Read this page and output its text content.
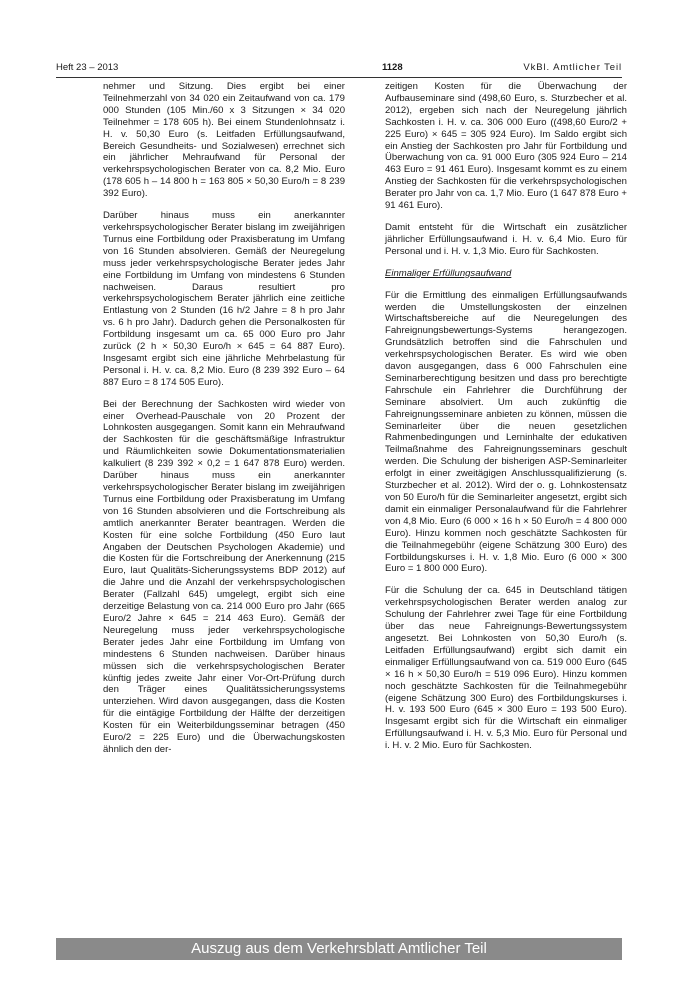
Heft 23 – 2013	1128	VkBl. Amtlicher Teil

nehmer und Sitzung. Dies ergibt bei einer Teilnehmerzahl von 34 020 ein Zeitaufwand von ca. 179 000 Stunden (105 Min./60 x 3 Sitzungen × 34 020 Teilnehmer = 178 605 h). Bei einem Stundenlohnsatz i. H. v. 50,30 Euro (s. Leitfaden Erfüllungsaufwand, Bereich Gesundheits- und Sozialwesen) errechnet sich ein jährlicher Mehraufwand für Personal der verkehrspsychologischen Berater von ca. 8,2 Mio. Euro (178 605 h – 14 800 h = 163 805 × 50,30 Euro/h = 8 239 392 Euro).

Darüber hinaus muss ein anerkannter verkehrspsychologischer Berater bislang im zweijährigen Turnus eine Fortbildung oder Praxisberatung im Umfang von 16 Stunden absolvieren. Gemäß der Neuregelung muss jeder verkehrspsychologische Berater jedes Jahr eine Fortbildung im Umfang von mindestens 6 Stunden nachweisen. Daraus resultiert pro verkehrspsychologischem Berater jährlich eine zeitliche Entlastung von 2 Stunden (16 h/2 Jahre = 8 h pro Jahr vs. 6 h pro Jahr). Dadurch gehen die Personalkosten für Fortbildung insgesamt um ca. 65 000 Euro pro Jahr zurück (2 h × 50,30 Euro/h × 645 = 64 887 Euro). Insgesamt ergibt sich eine jährliche Mehrbelastung für Personal i. H. v. ca. 8,2 Mio. Euro (8 239 392 Euro – 64 887 Euro = 8 174 505 Euro).

Bei der Berechnung der Sachkosten wird wieder von einer Overhead-Pauschale von 20 Prozent der Lohnkosten ausgegangen. Somit kann ein Mehraufwand der Sachkosten für die geschäftsmäßige Infrastruktur und Räumlichkeiten sowie Dokumentationsmaterialien kalkuliert (8 239 392 × 0,2 = 1 647 878 Euro) werden. Darüber hinaus muss ein anerkannter verkehrspsychologischer Berater bislang im zweijährigen Turnus eine Fortbildung oder Praxisberatung im Umfang von 16 Stunden absolvieren und die Fortschreibung als amtlich anerkannter Berater beantragen. Werden die Kosten für eine solche Fortbildung (450 Euro laut Angaben der Deutschen Psychologen Akademie) und die Kosten für die Fortschreibung der Anerkennung (215 Euro, laut Qualitäts-Sicherungssystems BDP 2012) auf die Jahre und die Anzahl der verkehrspsychologischen Berater (Fallzahl 645) umgelegt, ergibt sich eine derzeitige Belastung von ca. 214 000 Euro pro Jahr (665 Euro/2 Jahre × 645 = 214 463 Euro). Gemäß der Neuregelung muss jeder verkehrspsychologische Berater jedes Jahr eine Fortbildung im Umfang von mindestens 6 Stunden nachweisen. Darüber hinaus müssen sich die verkehrspsychologischen Berater künftig jedes zweite Jahr einer Vor-Ort-Prüfung durch den Träger eines Qualitätssicherungssystems unterziehen. Wird davon ausgegangen, dass die Kosten für die eintägige Fortbildung der Hälfte der derzeitigen Kosten für ein Weiterbildungsseminar betragen (450 Euro/2 = 225 Euro) und die Überwachungskosten ähnlich den der-

zeitigen Kosten für die Überwachung der Aufbauseminare sind (498,60 Euro, s. Sturzbecher et al. 2012), ergeben sich nach der Neuregelung jährlich Sachkosten i. H. v. ca. 306 000 Euro ((498,60 Euro/2 + 225 Euro) × 645 = 305 924 Euro). Im Saldo ergibt sich ein Anstieg der Sachkosten pro Jahr für Fortbildung und Überwachung von ca. 91 000 Euro (305 924 Euro – 214 463 Euro = 91 461 Euro). Insgesamt kommt es zu einem Anstieg der Sachkosten für die verkehrspsychologischen Berater pro Jahr von ca. 1,7 Mio. Euro (1 647 878 Euro + 91 461 Euro).

Damit entsteht für die Wirtschaft ein zusätzlicher jährlicher Erfüllungsaufwand i. H. v. 6,4 Mio. Euro für Personal und i. H. v. 1,3 Mio. Euro für Sachkosten.

Einmaliger Erfüllungsaufwand

Für die Ermittlung des einmaligen Erfüllungsaufwands werden die Umstellungskosten der einzelnen Wirtschaftsbereiche auf die Neuregelungen des Fahreignungsbewertungs-Systems herangezogen. Grundsätzlich betroffen sind die Fahrschulen und verkehrspsychologischen Berater. Es wird wie oben davon ausgegangen, dass 6 000 Fahrschulen eine Seminarberechtigung besitzen und dass pro berechtigte Fahrschule ein Fahrlehrer die Durchführung der Seminare absolviert. Um auch zukünftig die Fahreignungsseminare anbieten zu können, müssen die Seminarleiter über die neuen gesetzlichen Rahmenbedingungen und Lerninhalte der edukativen Teilmaßnahme des Fahreignungsseminars geschult werden. Die Schulung der bisherigen ASP-Seminarleiter erfolgt in einer zweitägigen Anschlussqualifizierung (s. Sturzbecher et al. 2012). Wird der o. g. Lohnkostensatz von 50 Euro/h für die Seminarleiter angesetzt, ergibt sich damit ein einmaliger Personalaufwand für die Fahrlehrer von 4,8 Mio. Euro (6 000 × 16 h × 50 Euro/h = 4 800 000 Euro). Hinzu kommen noch geschätzte Sachkosten für die Teilnahmegebühr (eigene Schätzung 300 Euro) des Fortbildungskurses i. H. v. 1,8 Mio. Euro (6 000 × 300 Euro = 1 800 000 Euro).

Für die Schulung der ca. 645 in Deutschland tätigen verkehrspsychologischen Berater werden analog zur Schulung der Fahrlehrer zwei Tage für eine Fortbildung über das neue Fahreignungs-Bewertungssystem angesetzt. Bei Lohnkosten von 50,30 Euro/h (s. Leitfaden Erfüllungsaufwand) ergibt sich damit ein einmaliger Erfüllungsaufwand von ca. 519 000 Euro (645 × 16 h × 50,30 Euro/h = 519 096 Euro). Hinzu kommen noch geschätzte Sachkosten für die Teilnahmegebühr (eigene Schätzung 300 Euro) des Fortbildungskurses i. H. v. 193 500 Euro (645 × 300 Euro = 193 500 Euro). Insgesamt ergibt sich für die Wirtschaft ein einmaliger Erfüllungsaufwand i. H. v. 5,3 Mio. Euro für Personal und i. H. v. 2 Mio. Euro für Sachkosten.

Auszug aus dem Verkehrsblatt Amtlicher Teil
